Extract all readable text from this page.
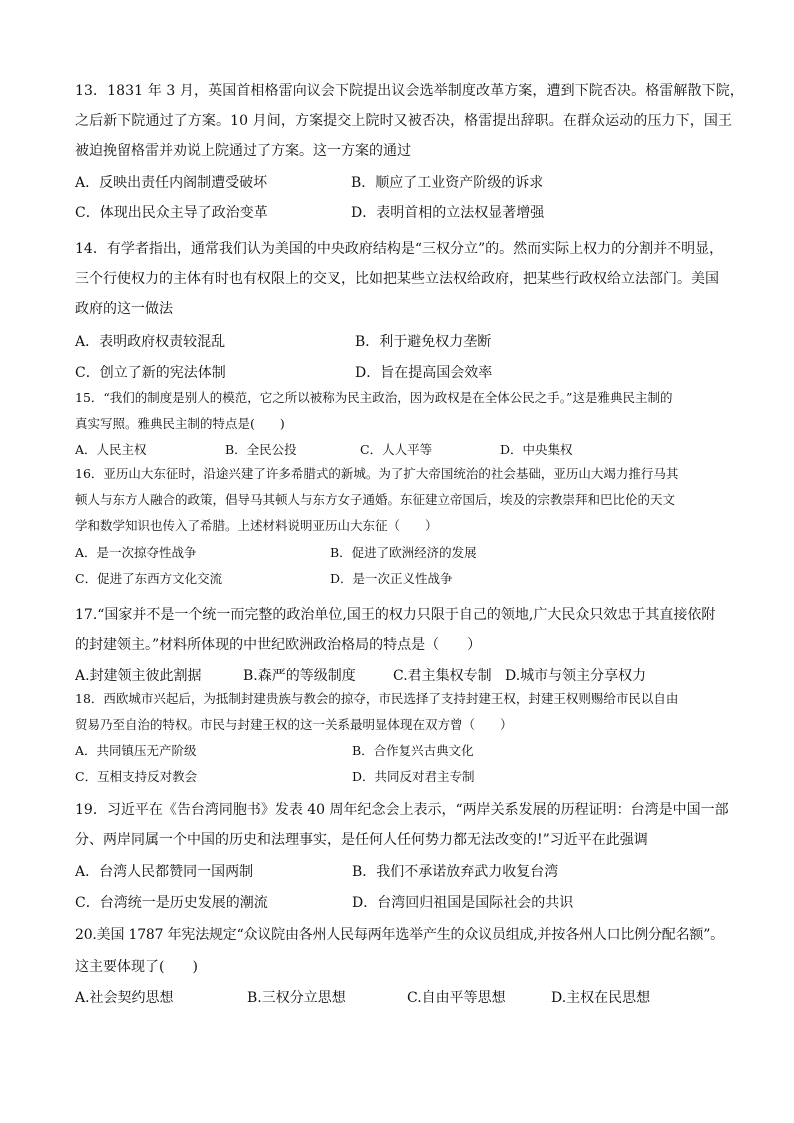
13．1831 年 3 月，英国首相格雷向议会下院提出议会选举制度改革方案，遭到下院否决。格雷解散下院，
之后新下院通过了方案。10 月间，方案提交上院时又被否决，格雷提出辞职。在群众运动的压力下，国王
被迫挽留格雷并劝说上院通过了方案。这一方案的通过
A．反映出责任内阁制遭受破坏	B．顺应了工业资产阶级的诉求
C．体现出民众主导了政治变革	D．表明首相的立法权显著增强
14．有学者指出，通常我们认为美国的中央政府结构是“三权分立”的。然而实际上权力的分割并不明显，
三个行使权力的主体有时也有权限上的交叉，比如把某些立法权给政府，把某些行政权给立法部门。美国
政府的这一做法
A．表明政府权责较混乱	B．利于避免权力垄断
C．创立了新的宪法体制	D．旨在提高国会效率
15．“我们的制度是别人的模范，它之所以被称为民主政治，因为政权是在全体公民之手。”这是雅典民主制的
真实写照。雅典民主制的特点是(　　)
A．人民主权	B．全民公投	C．人人平等	D．中央集权
16．亚历山大东征时，沿途兴建了许多希腊式的新城。为了扩大帝国统治的社会基础，亚历山大竭力推行马其
顿人与东方人融合的政策，倡导马其顿人与东方女子通婚。东征建立帝国后，埃及的宗教崇拜和巴比伦的天文
学和数学知识也传入了希腊。上述材料说明亚历山大东征（　　）
A．是一次掠夺性战争	B．促进了欧洲经济的发展
C．促进了东西方文化交流	D．是一次正义性战争
17.“国家并不是一个统一而完整的政治单位,国王的权力只限于自己的领地,广大民众只效忠于其直接依附
的封建领主。”材料所体现的中世纪欧洲政治格局的特点是（　　）
A.封建领主彼此割据	B.森严的等级制度	C.君主集权专制 D.城市与领主分享权力
18．西欧城市兴起后，为抵制封建贵族与教会的掠夺，市民选择了支持封建王权，封建王权则赐给市民以自由
贸易乃至自治的特权。市民与封建王权的这一关系最明显体现在双方曾（　　）
A．共同镇压无产阶级	B．合作复兴古典文化
C．互相支持反对教会	D．共同反对君主专制
19．习近平在《告台湾同胞书》发表 40 周年纪念会上表示，“两岸关系发展的历程证明：台湾是中国一部
分、两岸同属一个中国的历史和法理事实，是任何人任何势力都无法改变的!”习近平在此强调
A．台湾人民都赞同一国两制	B．我们不承诺放弃武力收复台湾
C．台湾统一是历史发展的潮流	D．台湾回归祖国是国际社会的共识
20.美国 1787 年宪法规定“众议院由各州人民每两年选举产生的众议员组成,并按各州人口比例分配名额”。
这主要体现了(　　)
A.社会契约思想	B.三权分立思想	C.自由平等思想	D.主权在民思想
